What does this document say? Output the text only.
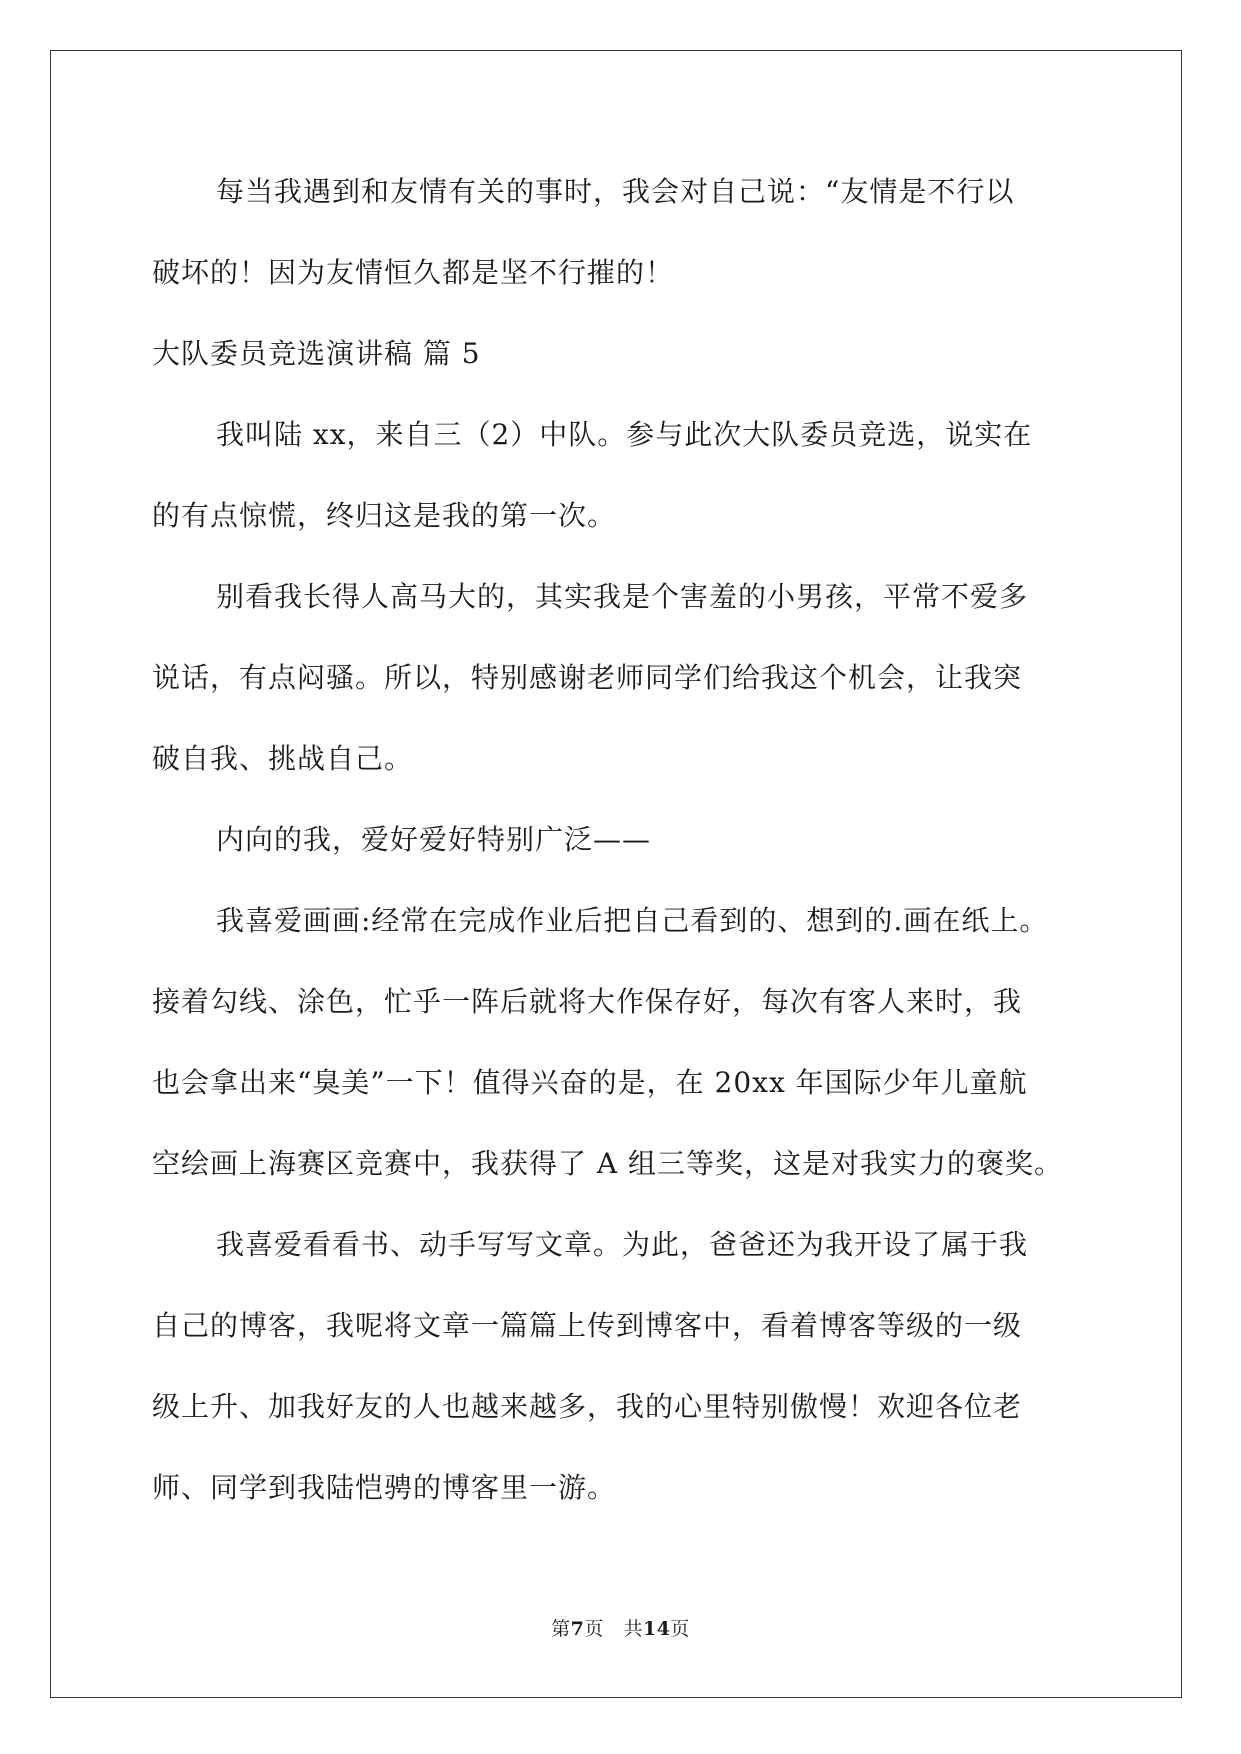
每当我遇到和友情有关的事时，我会对自己说：“友情是不行以
破坏的！因为友情恒久都是坚不行摧的！
大队委员竞选演讲稿 篇 5
我叫陆 xx，来自三（2）中队。参与此次大队委员竞选，说实在
的有点惊慌，终归这是我的第一次。
别看我长得人高马大的，其实我是个害羞的小男孩，平常不爱多
说话，有点闷骚。所以，特别感谢老师同学们给我这个机会，让我突
破自我、挑战自己。
内向的我，爱好爱好特别广泛——
我喜爱画画:经常在完成作业后把自己看到的、想到的.画在纸上。
接着勾线、涂色，忙乎一阵后就将大作保存好，每次有客人来时，我
也会拿出来“臭美”一下！值得兴奋的是，在 20xx 年国际少年儿童航
空绘画上海赛区竞赛中，我获得了 A 组三等奖，这是对我实力的褒奖。
我喜爱看看书、动手写写文章。为此，爸爸还为我开设了属于我
自己的博客，我呢将文章一篇篇上传到博客中，看着博客等级的一级
级上升、加我好友的人也越来越多，我的心里特别傲慢！欢迎各位老
师、同学到我陆恺骋的博客里一游。
第7页 共14页
